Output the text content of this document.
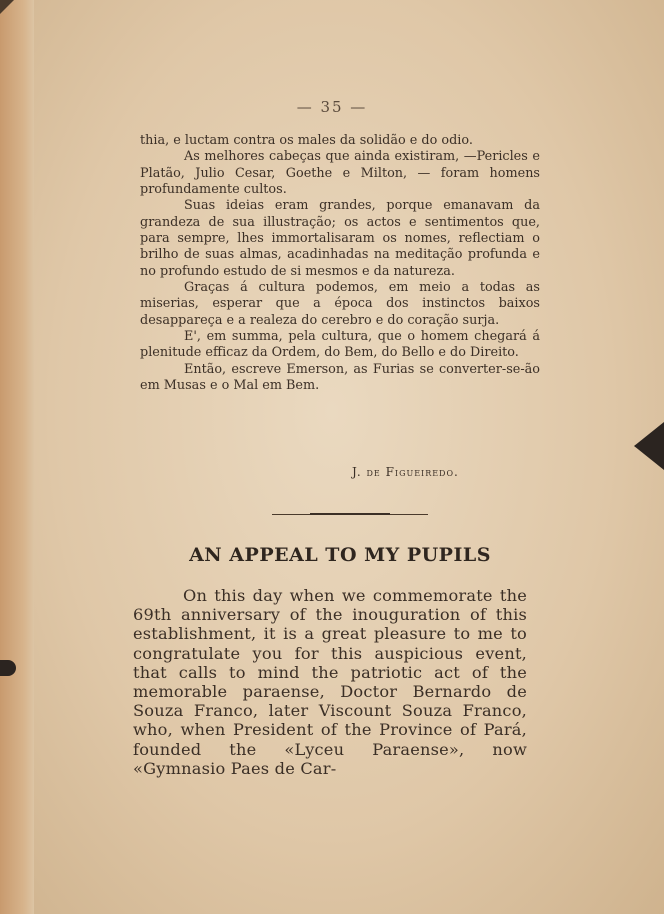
— 35 —

thia, e luctam contra os males da solidão e do odio.

As melhores cabeças que ainda existiram, —Pericles e Platão, Julio Cesar, Goethe e Milton, — foram homens profundamente cultos.

Suas ideias eram grandes, porque emanavam da grandeza de sua illustração; os actos e sentimentos que, para sempre, lhes immortalisaram os nomes, reflectiam o brilho de suas almas, acadinhadas na meditação profunda e no profundo estudo de si mesmos e da natureza.

Graças á cultura podemos, em meio a todas as miserias, esperar que a época dos instinctos baixos desappareça e a realeza do cerebro e do coração surja.

E', em summa, pela cultura, que o homem chegará á plenitude efficaz da Ordem, do Bem, do Bello e do Direito.

Então, escreve Emerson, as Furias se converter-se-ão em Musas e o Mal em Bem.

J. de Figueiredo.
AN APPEAL TO MY PUPILS

On this day when we commemorate the 69th anniversary of the inouguration of this establishment, it is a great pleasure to me to congratulate you for this auspicious event, that calls to mind the patriotic act of the memorable paraense, Doctor Bernardo de Souza Franco, later Viscount Souza Franco, who, when President of the Province of Pará, founded the «Lyceu Paraense», now «Gymnasio Paes de Car-
